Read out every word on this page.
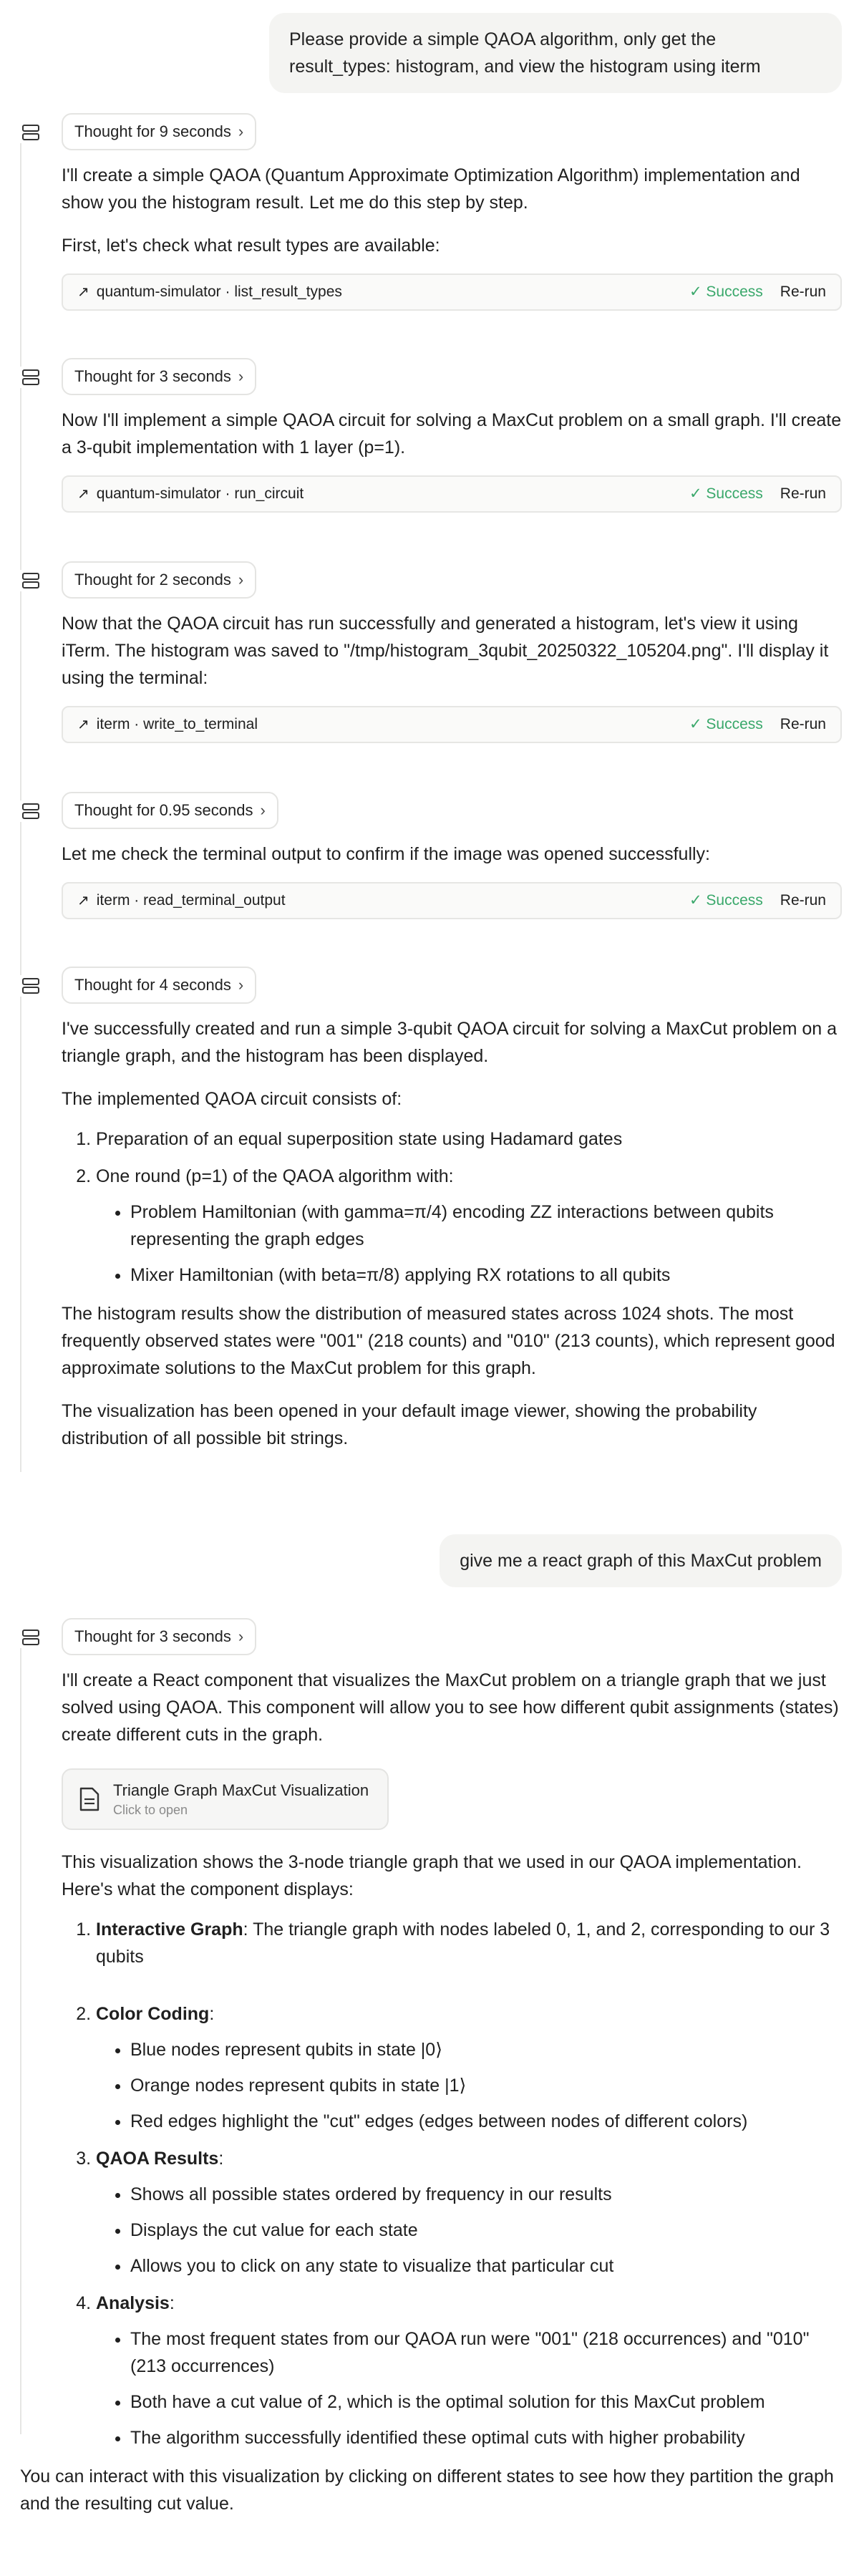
Please provide a simple QAOA algorithm, only get the result_types: histogram, and view the histogram using iterm
Thought for 9 seconds ›
I'll create a simple QAOA (Quantum Approximate Optimization Algorithm) implementation and show you the histogram result. Let me do this step by step.
First, let's check what result types are available:
↗ quantum-simulator · list_result_types	✓ Success Re-run
Thought for 3 seconds ›
Now I'll implement a simple QAOA circuit for solving a MaxCut problem on a small graph. I'll create a 3-qubit implementation with 1 layer (p=1).
↗ quantum-simulator · run_circuit	✓ Success Re-run
Thought for 2 seconds ›
Now that the QAOA circuit has run successfully and generated a histogram, let's view it using iTerm. The histogram was saved to "/tmp/histogram_3qubit_20250322_105204.png". I'll display it using the terminal:
↗ iterm · write_to_terminal	✓ Success Re-run
Thought for 0.95 seconds ›
Let me check the terminal output to confirm if the image was opened successfully:
↗ iterm · read_terminal_output	✓ Success Re-run
Thought for 4 seconds ›
I've successfully created and run a simple 3-qubit QAOA circuit for solving a MaxCut problem on a triangle graph, and the histogram has been displayed.
The implemented QAOA circuit consists of:
1. Preparation of an equal superposition state using Hadamard gates
2. One round (p=1) of the QAOA algorithm with:
• Problem Hamiltonian (with gamma=π/4) encoding ZZ interactions between qubits representing the graph edges
• Mixer Hamiltonian (with beta=π/8) applying RX rotations to all qubits
The histogram results show the distribution of measured states across 1024 shots. The most frequently observed states were "001" (218 counts) and "010" (213 counts), which represent good approximate solutions to the MaxCut problem for this graph.
The visualization has been opened in your default image viewer, showing the probability distribution of all possible bit strings.
give me a react graph of this MaxCut problem
Thought for 3 seconds ›
I'll create a React component that visualizes the MaxCut problem on a triangle graph that we just solved using QAOA. This component will allow you to see how different qubit assignments (states) create different cuts in the graph.
Triangle Graph MaxCut Visualization
Click to open
This visualization shows the 3-node triangle graph that we used in our QAOA implementation. Here's what the component displays:
1. Interactive Graph: The triangle graph with nodes labeled 0, 1, and 2, corresponding to our 3 qubits
2. Color Coding:
• Blue nodes represent qubits in state |0⟩
• Orange nodes represent qubits in state |1⟩
• Red edges highlight the "cut" edges (edges between nodes of different colors)
3. QAOA Results:
• Shows all possible states ordered by frequency in our results
• Displays the cut value for each state
• Allows you to click on any state to visualize that particular cut
4. Analysis:
• The most frequent states from our QAOA run were "001" (218 occurrences) and "010" (213 occurrences)
• Both have a cut value of 2, which is the optimal solution for this MaxCut problem
• The algorithm successfully identified these optimal cuts with higher probability
You can interact with this visualization by clicking on different states to see how they partition the graph and the resulting cut value.
